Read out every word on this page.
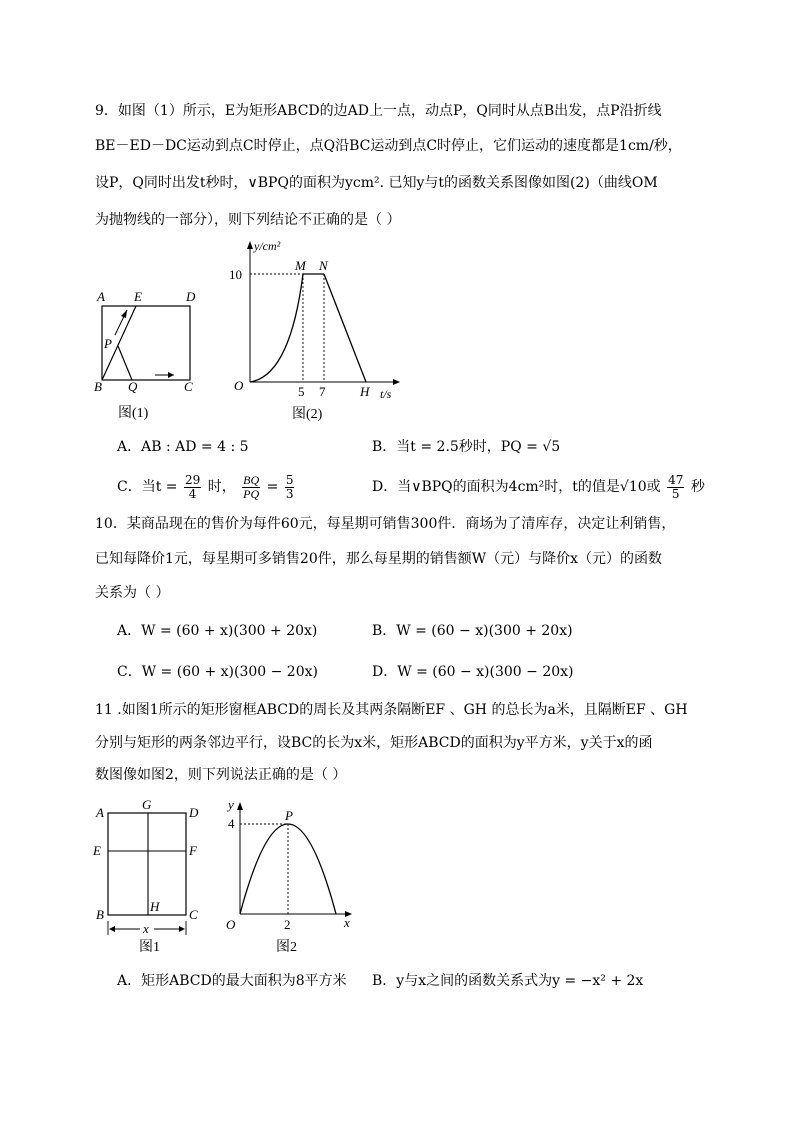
9．如图（1）所示，E为矩形ABCD的边AD上一点，动点P，Q同时从点B出发，点P沿折线
BE－ED－DC运动到点C时停止，点Q沿BC运动到点C时停止，它们运动的速度都是1cm/秒，
设P，Q同时出发t秒时，∨BPQ的面积为ycm². 已知y与t的函数关系图像如图(2)（曲线OM
为抛物线的一部分），则下列结论不正确的是（ ）
A E	D
P
B Q	C
图(1)
y/cm²
10
M N
O	5 7	H t/s
图(2)
A．AB : AD = 4 : 5	B．当t = 2.5秒时，PQ = √5
C．当$t = \frac{29}{4}$ 时， $\frac{BQ}{PQ} = \frac{5}{3}$	D．当∨BPQ的面积为4cm²时，t的值是√10或 $\frac{47}{5}$ 秒
10．某商品现在的售价为每件60元，每星期可销售300件．商场为了清库存，决定让利销售，
已知每降价1元，每星期可多销售20件，那么每星期的销售额W（元）与降价x（元）的函数
关系为（ ）
A．W = (60 + x)(300 + 20x)	B．W = (60 − x)(300 + 20x)
C．W = (60 + x)(300 − 20x)	D．W = (60 − x)(300 − 20x)
11 .如图1所示的矩形窗框ABCD的周长及其两条隔断EF 、GH 的总长为a米，且隔断EF 、GH
分别与矩形的两条邻边平行，设BC的长为x米，矩形ABCD的面积为y平方米，y关于x的函
数图像如图2，则下列说法正确的是（ ）
A
G
D
E	F
B
H
C
x
图1
y
4
P
O	2	x
图2
A．矩形ABCD的最大面积为8平方米 B．y与x之间的函数关系式为y = −x² + 2x
